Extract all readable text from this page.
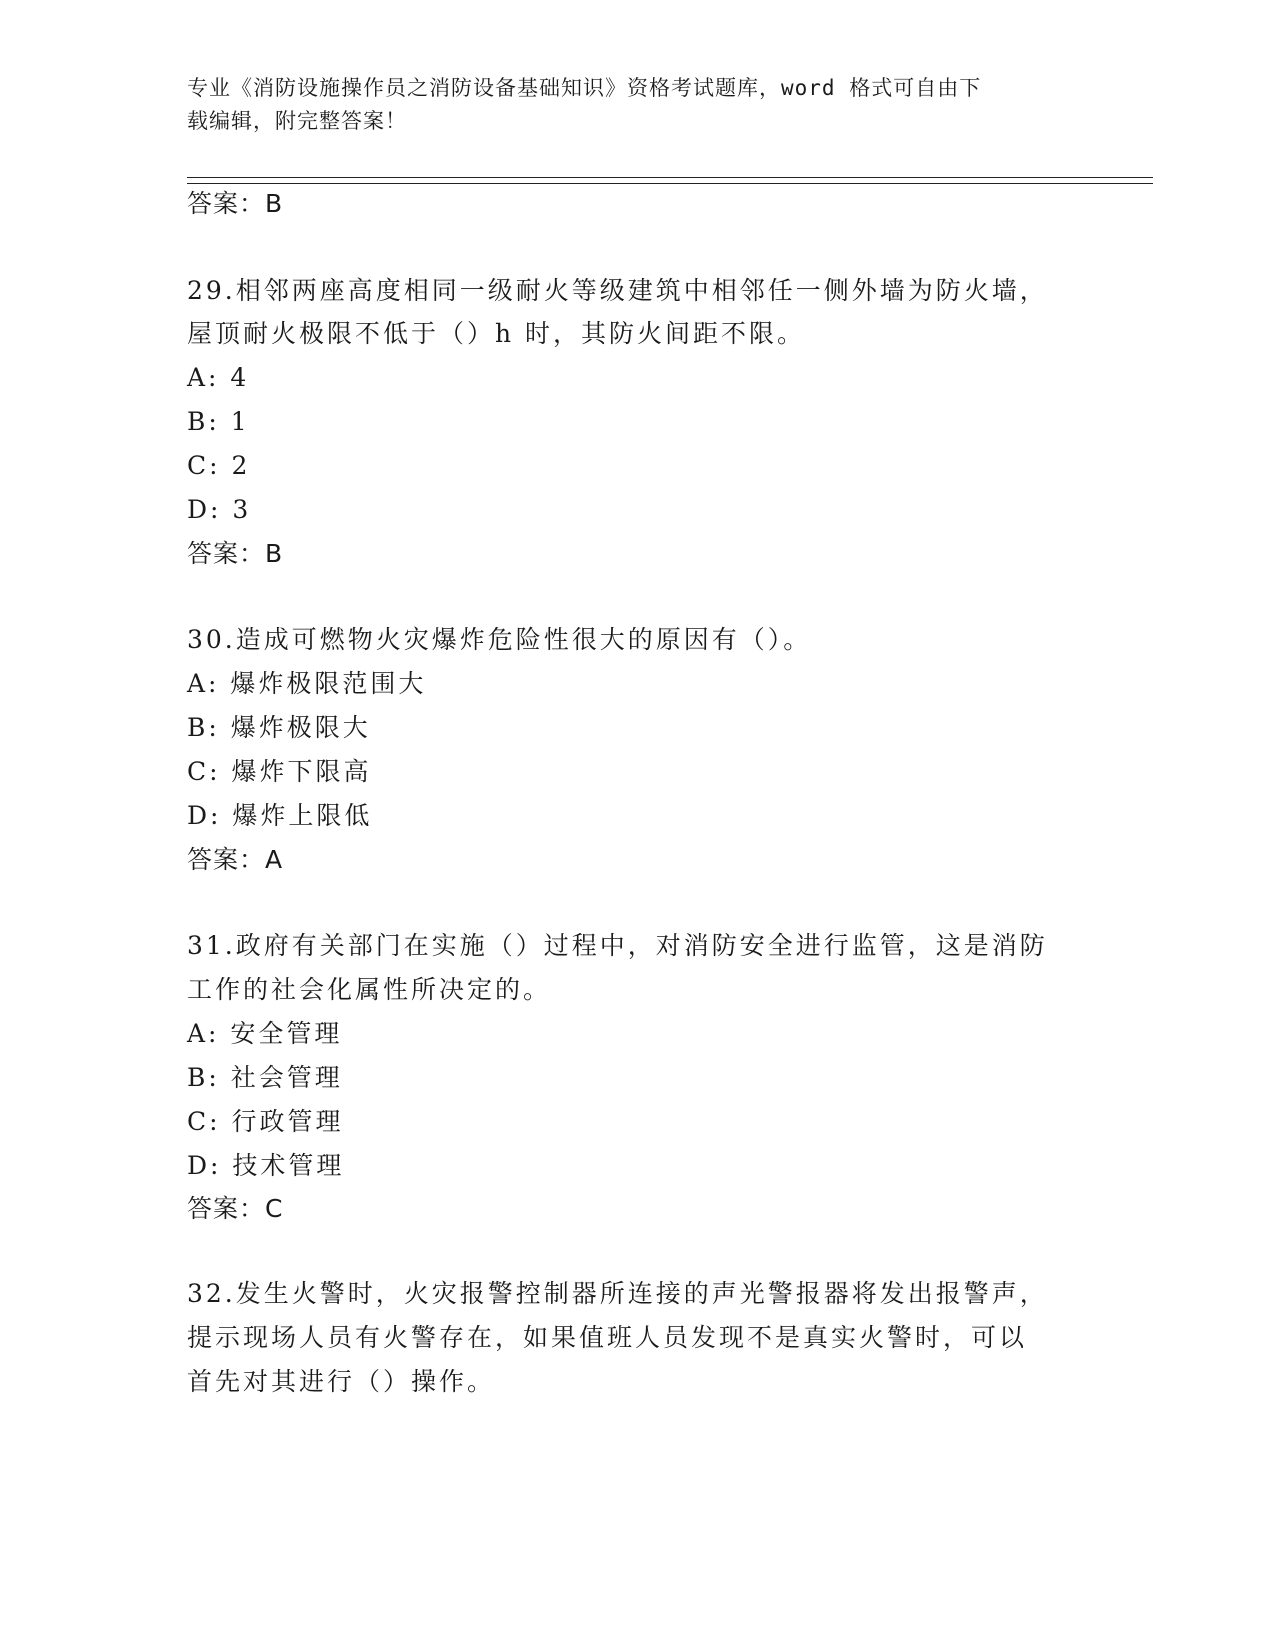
专业《消防设施操作员之消防设备基础知识》资格考试题库，word 格式可自由下
载编辑，附完整答案！
答案：B
29.相邻两座高度相同一级耐火等级建筑中相邻任一侧外墙为防火墙，
屋顶耐火极限不低于（）h 时，其防火间距不限。
A: 4
B: 1
C: 2
D: 3
答案：B
30.造成可燃物火灾爆炸危险性很大的原因有（）。
A: 爆炸极限范围大
B: 爆炸极限大
C: 爆炸下限高
D: 爆炸上限低
答案：A
31.政府有关部门在实施（）过程中，对消防安全进行监管，这是消防
工作的社会化属性所决定的。
A: 安全管理
B: 社会管理
C: 行政管理
D: 技术管理
答案：C
32.发生火警时，火灾报警控制器所连接的声光警报器将发出报警声，
提示现场人员有火警存在，如果值班人员发现不是真实火警时，可以
首先对其进行（）操作。
